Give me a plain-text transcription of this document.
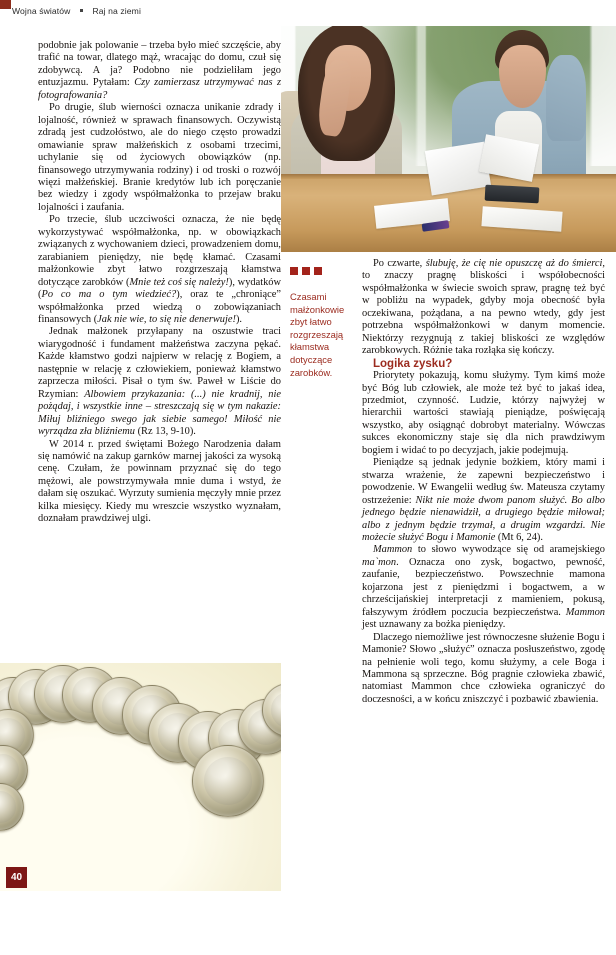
Wojna światów	Raj na ziemi

podobnie jak polowanie – trzeba było mieć szczęście, aby trafić na towar, dlatego mąż, wracając do domu, czuł się zdobywcą. A ja? Podobno nie podzieliłam jego entuzjazmu. Pytałam: Czy zamierzasz utrzymywać nas z fotografowania?

Po drugie, ślub wierności oznacza unikanie zdrady i lojalność, również w sprawach finansowych. Oczywistą zdradą jest cudzołóstwo, ale do niego często prowadzi omawianie spraw małżeńskich z osobami trzecimi, uchylanie się od życiowych obowiązków (np. finansowego utrzymywania rodziny) i od troski o rozwój więzi małżeńskiej. Branie kredytów lub ich poręczanie bez wiedzy i zgody współmałżonka to przejaw braku lojalności i zaufania.

Po trzecie, ślub uczciwości oznacza, że nie będę wykorzystywać współmałżonka, np. w obowiązkach związanych z wychowaniem dzieci, prowadzeniem domu, zarabianiem pieniędzy, nie będę kłamać. Czasami małżonkowie zbyt łatwo rozgrzeszają kłamstwa dotyczące zarobków (Mnie też coś się należy!), wydatków (Po co ma o tym wiedzieć?), oraz te „chroniące” współmałżonka przed wiedzą o zobowiązaniach finansowych (Jak nie wie, to się nie denerwuje!).

Jednak małżonek przyłapany na oszustwie traci wiarygodność i fundament małżeństwa zaczyna pękać. Każde kłamstwo godzi najpierw w relację z Bogiem, a następnie w relację z człowiekiem, ponieważ kłamstwo zaprzecza miłości. Pisał o tym św. Paweł w Liście do Rzymian: Albowiem przykazania: (...) nie kradnij, nie pożądaj, i wszystkie inne – streszczają się w tym nakazie: Miłuj bliźniego swego jak siebie samego! Miłość nie wyrządza zła bliźniemu (Rz 13, 9-10).

W 2014 r. przed świętami Bożego Narodzenia dałam się namówić na zakup garnków marnej jakości za wysoką cenę. Czułam, że powinnam przyznać się do tego mężowi, ale powstrzymywała mnie duma i wstyd, że dałam się oszukać. Wyrzuty sumienia męczyły mnie przez kilka miesięcy. Kiedy mu wreszcie wszystko wyznałam, doznałam prawdziwej ulgi.

Czasami małżonkowie zbyt łatwo rozgrzeszają kłamstwa dotyczące zarobków.

Po czwarte, ślubuję, że cię nie opuszczę aż do śmierci, to znaczy pragnę bliskości i współobecności współmałżonka w świecie swoich spraw, pragnę też być w pobliżu na wypadek, gdyby moja obecność była oczekiwana, pożądana, a na pewno wtedy, gdy jest potrzebna współmałżonkowi w danym momencie. Niektórzy rezygnują z takiej bliskości ze względów zarobkowych. Różnie taka rozłąka się kończy.

Logika zysku?

Priorytety pokazują, komu służymy. Tym kimś może być Bóg lub człowiek, ale może też być to jakaś idea, przedmiot, czynność. Ludzie, którzy najwyżej w hierarchii wartości stawiają pieniądze, poświęcają wszystko, aby osiągnąć dobrobyt materialny. Wówczas sukces ekonomiczny staje się dla nich prawdziwym bogiem i widać to po decyzjach, jakie podejmują.

Pieniądze są jednak jedynie bożkiem, który mami i stwarza wrażenie, że zapewni bezpieczeństwo i powodzenie. W Ewangelii według św. Mateusza czytamy ostrzeżenie: Nikt nie może dwom panom służyć. Bo albo jednego będzie nienawidził, a drugiego będzie miłował; albo z jednym będzie trzymał, a drugim wzgardzi. Nie możecie służyć Bogu i Mamonie (Mt 6, 24).

Mammon to słowo wywodzące się od aramejskiego ma`mon. Oznacza ono zysk, bogactwo, pewność, zaufanie, bezpieczeństwo. Powszechnie mamona kojarzona jest z pieniędzmi i bogactwem, a w chrześcijańskiej interpretacji z mamieniem, pokusą, fałszywym źródłem poczucia bezpieczeństwa. Mammon jest uznawany za bożka pieniędzy.

Dlaczego niemożliwe jest równoczesne służenie Bogu i Mamonie? Słowo „służyć” oznacza posłuszeństwo, zgodę na pełnienie woli tego, komu służymy, a cele Boga i Mammona są sprzeczne. Bóg pragnie człowieka zbawić, natomiast Mammon chce człowieka ograniczyć do doczesności, a w końcu zniszczyć i pozbawić zbawienia.

40
